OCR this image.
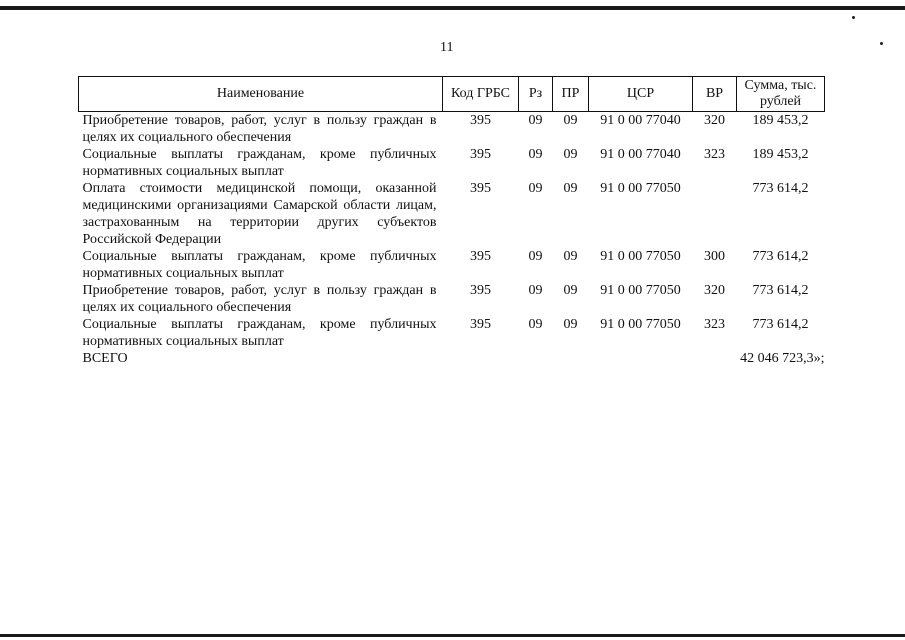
11
Наименование	Код ГРБС	Рз	ПР	ЦСР	ВР	Сумма, тыс. рублей
Приобретение товаров, работ, услуг в пользу граждан в целях их социального обеспечения	395	09	09	91 0 00 77040	320	189 453,2
Социальные выплаты гражданам, кроме публичных нормативных социальных выплат	395	09	09	91 0 00 77040	323	189 453,2
Оплата стоимости медицинской помощи, оказанной медицинскими организациями Самарской области лицам, застрахованным на территории других субъектов Российской Федерации	395	09	09	91 0 00 77050		773 614,2
Социальные выплаты гражданам, кроме публичных нормативных социальных выплат	395	09	09	91 0 00 77050	300	773 614,2
Приобретение товаров, работ, услуг в пользу граждан в целях их социального обеспечения	395	09	09	91 0 00 77050	320	773 614,2
Социальные выплаты гражданам, кроме публичных нормативных социальных выплат	395	09	09	91 0 00 77050	323	773 614,2
ВСЕГО						42 046 723,3»;
